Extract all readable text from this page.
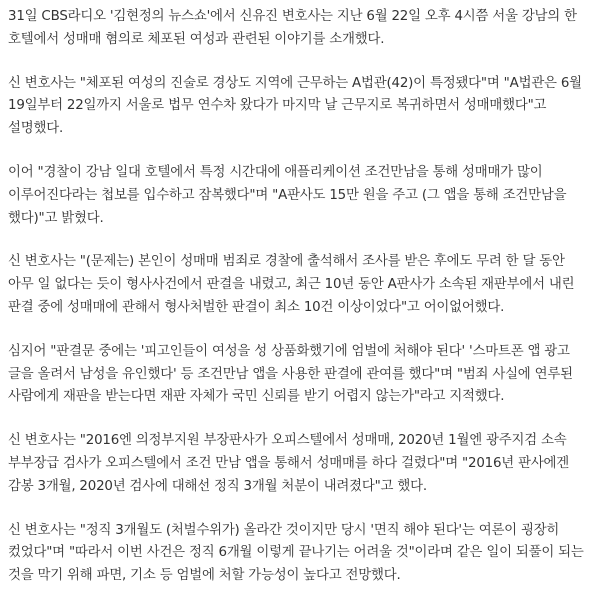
31일 CBS라디오 '김현정의 뉴스쇼'에서 신유진 변호사는 지난 6월 22일 오후 4시쯤 서울 강남의 한 호텔에서 성매매 혐의로 체포된 여성과 관련된 이야기를 소개했다.

신 변호사는 "체포된 여성의 진술로 경상도 지역에 근무하는 A법관(42)이 특정됐다"며 "A법관은 6월 19일부터 22일까지 서울로 법무 연수차 왔다가 마지막 날 근무지로 복귀하면서 성매매했다"고 설명했다.

이어 "경찰이 강남 일대 호텔에서 특정 시간대에 애플리케이션 조건만남을 통해 성매매가 많이 이루어진다라는 첩보를 입수하고 잠복했다"며 "A판사도 15만 원을 주고 (그 앱을 통해 조건만남을 했다)"고 밝혔다.

신 변호사는 "(문제는) 본인이 성매매 범죄로 경찰에 출석해서 조사를 받은 후에도 무려 한 달 동안 아무 일 없다는 듯이 형사사건에서 판결을 내렸고, 최근 10년 동안 A판사가 소속된 재판부에서 내린 판결 중에 성매매에 관해서 형사처벌한 판결이 최소 10건 이상이었다"고 어이없어했다.

심지어 "판결문 중에는 '피고인들이 여성을 성 상품화했기에 엄벌에 처해야 된다' '스마트폰 앱 광고 글을 올려서 남성을 유인했다' 등 조건만남 앱을 사용한 판결에 관여를 했다"며 "범죄 사실에 연루된 사람에게 재판을 받는다면 재판 자체가 국민 신뢰를 받기 어렵지 않는가"라고 지적했다.

신 변호사는 "2016엔 의정부지원 부장판사가 오피스텔에서 성매매, 2020년 1월엔 광주지검 소속 부부장급 검사가 오피스텔에서 조건 만남 앱을 통해서 성매매를 하다 걸렸다"며 "2016년 판사에겐 감봉 3개월, 2020년 검사에 대해선 정직 3개월 처분이 내려졌다"고 했다.

신 변호사는 "정직 3개월도 (처벌수위가) 올라간 것이지만 당시 '면직 해야 된다'는 여론이 굉장히 컸었다"며 "따라서 이번 사건은 정직 6개월 이렇게 끝나기는 어려울 것"이라며 같은 일이 되풀이 되는 것을 막기 위해 파면, 기소 등 엄벌에 처할 가능성이 높다고 전망했다.
